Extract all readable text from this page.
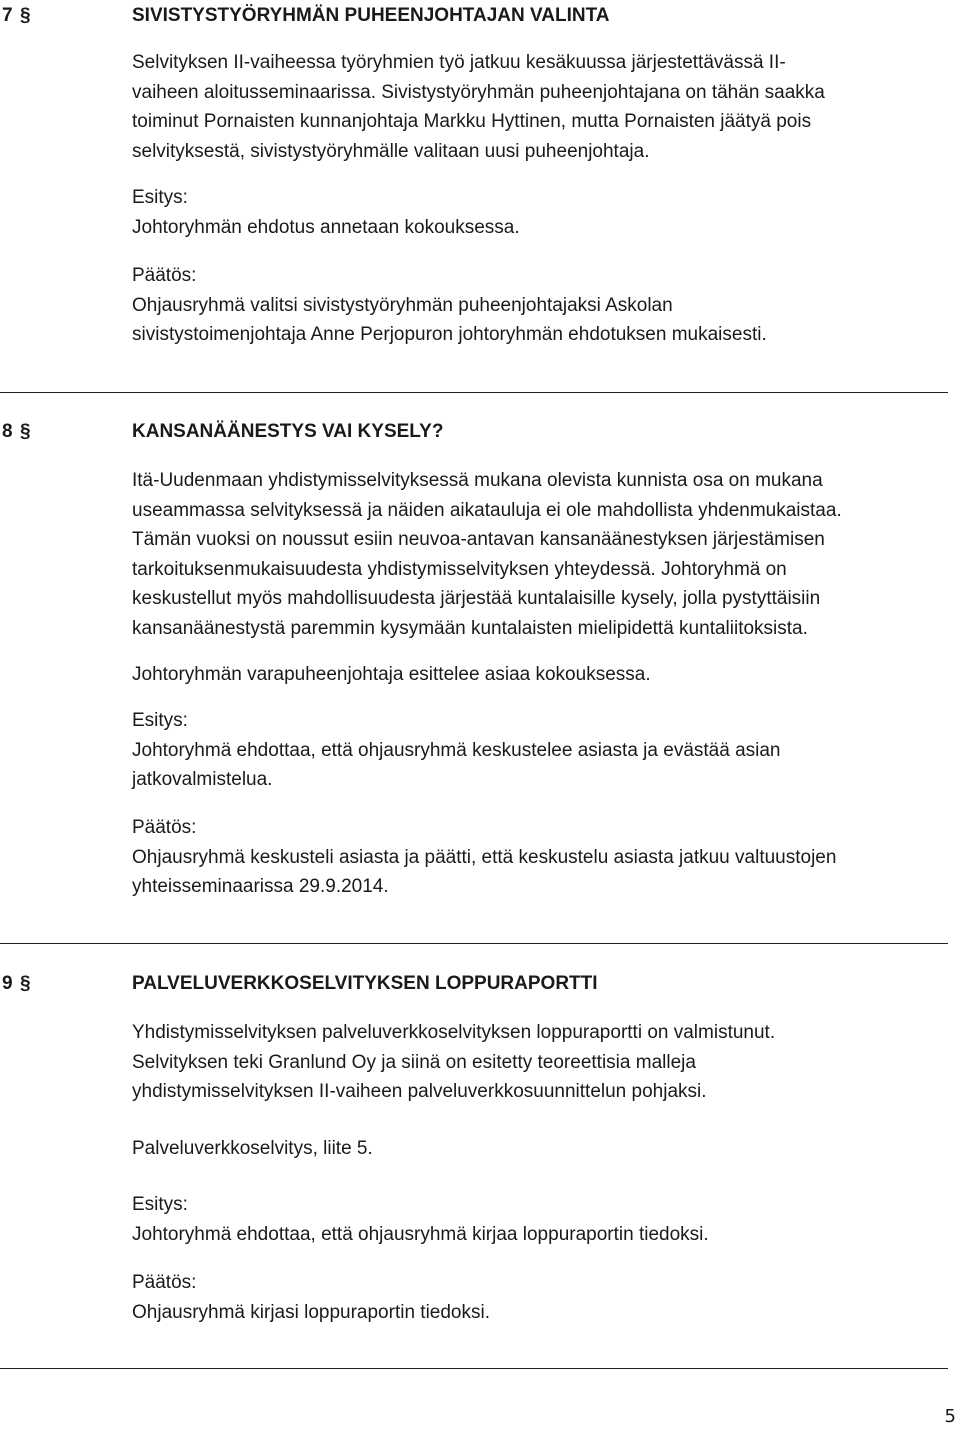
7 §	SIVISTYSTYÖRYHMÄN PUHEENJOHTAJAN VALINTA
Selvityksen II-vaiheessa työryhmien työ jatkuu kesäkuussa järjestettävässä II-
vaiheen aloitusseminaarissa. Sivistystyöryhmän puheenjohtajana on tähän saakka
toiminut Pornaisten kunnanjohtaja Markku Hyttinen, mutta Pornaisten jäätyä pois
selvityksestä, sivistystyöryhmälle valitaan uusi puheenjohtaja.
Esitys:
Johtoryhmän ehdotus annetaan kokouksessa.
Päätös:
Ohjausryhmä valitsi sivistystyöryhmän puheenjohtajaksi Askolan
sivistystoimenjohtaja Anne Perjopuron johtoryhmän ehdotuksen mukaisesti.
8 §	KANSANÄÄNESTYS VAI KYSELY?
Itä-Uudenmaan yhdistymisselvityksessä mukana olevista kunnista osa on mukana
useammassa selvityksessä ja näiden aikatauluja ei ole mahdollista yhdenmukaistaa.
Tämän vuoksi on noussut esiin neuvoa-antavan kansanäänestyksen järjestämisen
tarkoituksenmukaisuudesta yhdistymisselvityksen yhteydessä. Johtoryhmä on
keskustellut myös mahdollisuudesta järjestää kuntalaisille kysely, jolla pystyttäisiin
kansanäänestystä paremmin kysymään kuntalaisten mielipidettä kuntaliitoksista.
Johtoryhmän varapuheenjohtaja esittelee asiaa kokouksessa.
Esitys:
Johtoryhmä ehdottaa, että ohjausryhmä keskustelee asiasta ja evästää asian
jatkovalmistelua.
Päätös:
Ohjausryhmä keskusteli asiasta ja päätti, että keskustelu asiasta jatkuu valtuustojen
yhteisseminaarissa 29.9.2014.
9 §	PALVELUVERKKOSELVITYKSEN LOPPURAPORTTI
Yhdistymisselvityksen palveluverkkoselvityksen loppuraportti on valmistunut.
Selvityksen teki Granlund Oy ja siinä on esitetty teoreettisia malleja
yhdistymisselvityksen II-vaiheen palveluverkkosuunnittelun pohjaksi.
Palveluverkkoselvitys, liite 5.
Esitys:
Johtoryhmä ehdottaa, että ohjausryhmä kirjaa loppuraportin tiedoksi.
Päätös:
Ohjausryhmä kirjasi loppuraportin tiedoksi.
5
